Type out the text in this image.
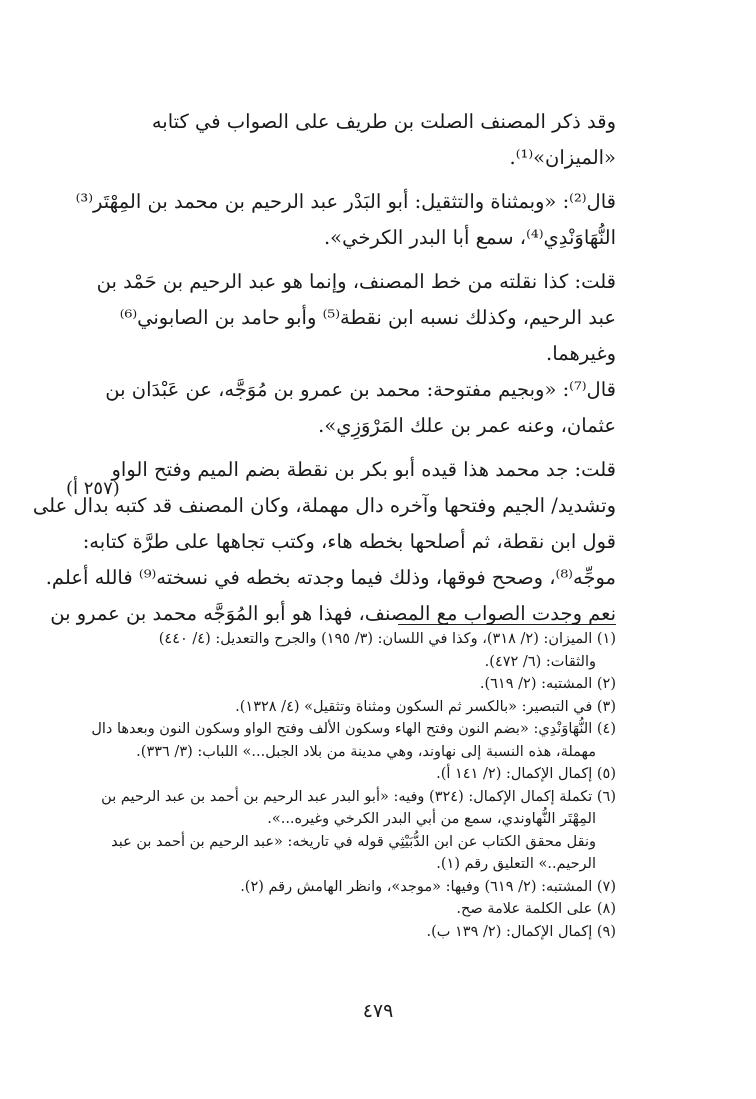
وقد ذكر المصنف الصلت بن طريف على الصواب في كتابه
«الميزان»⁽¹⁾.
قال⁽²⁾: «وبمثناة والتثقيل: أبو البَدْر عبد الرحيم بن محمد بن المِهْتَر⁽³⁾
النُّهَاوَنْدِي⁽⁴⁾، سمع أبا البدر الكرخي».
قلت: كذا نقلته من خط المصنف، وإنما هو عبد الرحيم بن حَمْد بن
عبد الرحيم، وكذلك نسبه ابن نقطة⁽⁵⁾ وأبو حامد بن الصابوني⁽⁶⁾
وغيرهما.
قال⁽⁷⁾: «وبجيم مفتوحة: محمد بن عمرو بن مُوَجَّه، عن عَبْدَان بن
عثمان، وعنه عمر بن علك المَرْوَزِي».
قلت: جد محمد هذا قيده أبو بكر بن نقطة بضم الميم وفتح الواو
وتشديد/ الجيم وفتحها وآخره دال مهملة، وكان المصنف قد كتبه بدال على
قول ابن نقطة، ثم أصلحها بخطه هاء، وكتب تجاهها على طرَّة كتابه:
موجِّه⁽⁸⁾، وصحح فوقها، وذلك فيما وجدته بخطه في نسخته⁽⁹⁾ فالله أعلم.
نعم وجدت الصواب مع المصنف، فهذا هو أبو المُوَجَّه محمد بن عمرو بن
(٢٥٧ أ)
(١) الميزان: (٢/ ٣١٨)، وكذا في اللسان: (٣/ ١٩٥) والجرح والتعديل: (٤/ ٤٤٠)
والثقات: (٦/ ٤٧٢).
(٢) المشتبه: (٢/ ٦١٩).
(٣) في التبصير: «بالكسر ثم السكون ومثناة وتثقيل» (٤/ ١٣٢٨).
(٤) النُّهَاوَنْدِي: «بضم النون وفتح الهاء وسكون الألف وفتح الواو وسكون النون وبعدها دال
مهملة، هذه النسبة إلى نهاوند، وهي مدينة من بلاد الجبل...» اللباب: (٣/ ٣٣٦).
(٥) إكمال الإكمال: (٢/ ١٤١ أ).
(٦) تكملة إكمال الإكمال: (٣٢٤) وفيه: «أبو البدر عبد الرحيم بن أحمد بن عبد الرحيم بن
المِهْتَر النُّهاوندي، سمع من أبي البدر الكرخي وغيره...».
ونقل محقق الكتاب عن ابن الدُّبَيْثِي قوله في تاريخه: «عبد الرحيم بن أحمد بن عبد
الرحيم..» التعليق رقم (١).
(٧) المشتبه: (٢/ ٦١٩) وفيها: «موجد»، وانظر الهامش رقم (٢).
(٨) على الكلمة علامة صح.
(٩) إكمال الإكمال: (٢/ ١٣٩ ب).
٤٧٩
